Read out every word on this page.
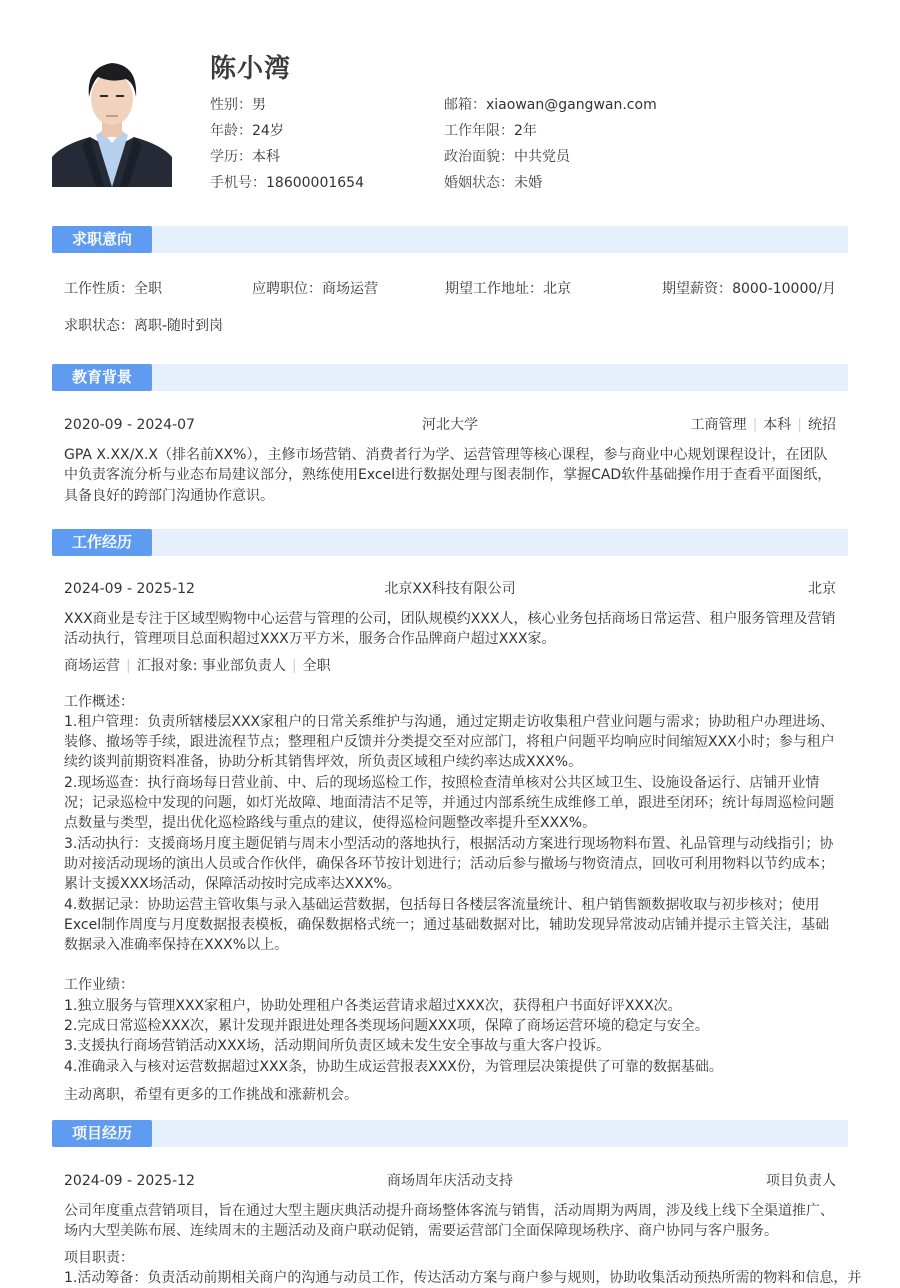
陈小湾
性别：男
年龄：24岁
学历：本科
手机号：18600001654
邮箱：xiaowan@gangwan.com
工作年限：2年
政治面貌：中共党员
婚姻状态：未婚
求职意向
工作性质：全职	应聘职位：商场运营	期望工作地址：北京	期望薪资：8000-10000/月
求职状态：离职-随时到岗
教育背景
2020-09 - 2024-07	河北大学	工商管理 | 本科 | 统招
GPA X.XX/X.X（排名前XX%），主修市场营销、消费者行为学、运营管理等核心课程，参与商业中心规划课程设计，在团队中负责客流分析与业态布局建议部分，熟练使用Excel进行数据处理与图表制作，掌握CAD软件基础操作用于查看平面图纸，具备良好的跨部门沟通协作意识。
工作经历
2024-09 - 2025-12	北京XX科技有限公司	北京
XXX商业是专注于区域型购物中心运营与管理的公司，团队规模约XXX人，核心业务包括商场日常运营、租户服务管理及营销活动执行，管理项目总面积超过XXX万平方米，服务合作品牌商户超过XXX家。
商场运营 | 汇报对象: 事业部负责人 | 全职
工作概述：
1.租户管理：负责所辖楼层XXX家租户的日常关系维护与沟通，通过定期走访收集租户营业问题与需求；协助租户办理进场、装修、撤场等手续，跟进流程节点；整理租户反馈并分类提交至对应部门，将租户问题平均响应时间缩短XXX小时；参与租户续约谈判前期资料准备，协助分析其销售坪效，所负责区域租户续约率达成XXX%。
2.现场巡查：执行商场每日营业前、中、后的现场巡检工作，按照检查清单核对公共区域卫生、设施设备运行、店铺开业情况；记录巡检中发现的问题，如灯光故障、地面清洁不足等，并通过内部系统生成维修工单，跟进至闭环；统计每周巡检问题点数量与类型，提出优化巡检路线与重点的建议，使得巡检问题整改率提升至XXX%。
3.活动执行：支援商场月度主题促销与周末小型活动的落地执行，根据活动方案进行现场物料布置、礼品管理与动线指引；协助对接活动现场的演出人员或合作伙伴，确保各环节按计划进行；活动后参与撤场与物资清点，回收可利用物料以节约成本；累计支援XXX场活动，保障活动按时完成率达XXX%。
4.数据记录：协助运营主管收集与录入基础运营数据，包括每日各楼层客流量统计、租户销售额数据收取与初步核对；使用Excel制作周度与月度数据报表模板，确保数据格式统一；通过基础数据对比，辅助发现异常波动店铺并提示主管关注，基础数据录入准确率保持在XXX%以上。
工作业绩：
1.独立服务与管理XXX家租户，协助处理租户各类运营请求超过XXX次，获得租户书面好评XXX次。
2.完成日常巡检XXX次，累计发现并跟进处理各类现场问题XXX项，保障了商场运营环境的稳定与安全。
3.支援执行商场营销活动XXX场，活动期间所负责区域未发生安全事故与重大客户投诉。
4.准确录入与核对运营数据超过XXX条，协助生成运营报表XXX份，为管理层决策提供了可靠的数据基础。
主动离职，希望有更多的工作挑战和涨薪机会。
项目经历
2024-09 - 2025-12	商场周年庆活动支持	项目负责人
公司年度重点营销项目，旨在通过大型主题庆典活动提升商场整体客流与销售，活动周期为两周，涉及线上线下全渠道推广、场内大型美陈布展、连续周末的主题活动及商户联动促销，需要运营部门全面保障现场秩序、商户协同与客户服务。
项目职责：
1.活动筹备：负责活动前期相关商户的沟通与动员工作，传达活动方案与商户参与规则，协助收集活动预热所需的物料和信息，并
